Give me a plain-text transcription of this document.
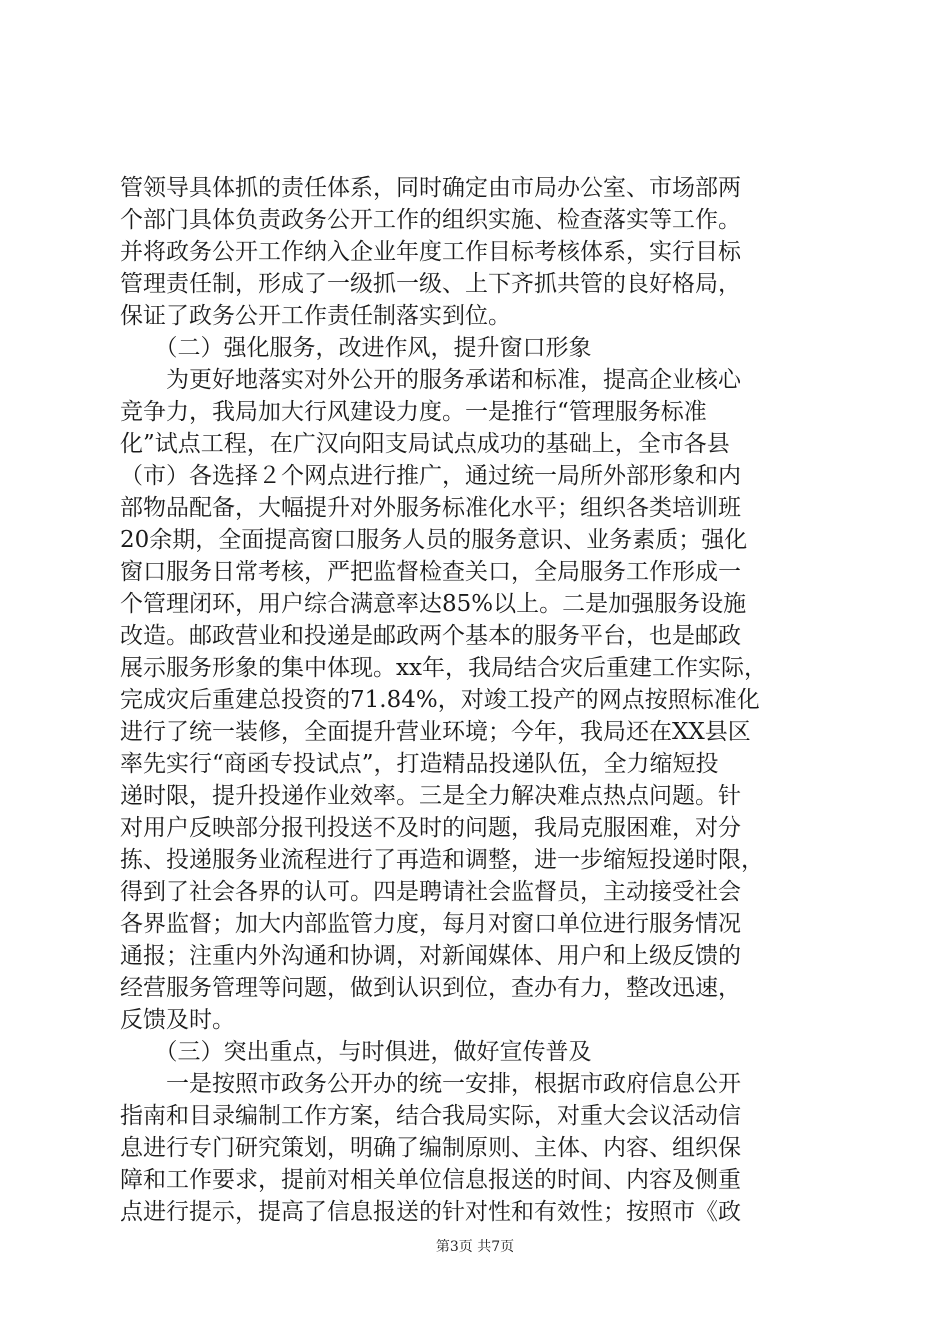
管领导具体抓的责任体系，同时确定由市局办公室、市场部两
个部门具体负责政务公开工作的组织实施、检查落实等工作。
并将政务公开工作纳入企业年度工作目标考核体系，实行目标
管理责任制，形成了一级抓一级、上下齐抓共管的良好格局，
保证了政务公开工作责任制落实到位。
　　（二）强化服务，改进作风，提升窗口形象
　　为更好地落实对外公开的服务承诺和标准，提高企业核心
竞争力，我局加大行风建设力度。一是推行“管理服务标准
化”试点工程，在广汉向阳支局试点成功的基础上，全市各县
（市）各选择２个网点进行推广，通过统一局所外部形象和内
部物品配备，大幅提升对外服务标准化水平；组织各类培训班
20余期，全面提高窗口服务人员的服务意识、业务素质；强化
窗口服务日常考核，严把监督检查关口，全局服务工作形成一
个管理闭环，用户综合满意率达85%以上。二是加强服务设施
改造。邮政营业和投递是邮政两个基本的服务平台，也是邮政
展示服务形象的集中体现。xx年，我局结合灾后重建工作实际，
完成灾后重建总投资的71.84%，对竣工投产的网点按照标准化
进行了统一装修，全面提升营业环境；今年，我局还在XX县区
率先实行“商函专投试点”，打造精品投递队伍，全力缩短投
递时限，提升投递作业效率。三是全力解决难点热点问题。针
对用户反映部分报刊投送不及时的问题，我局克服困难，对分
拣、投递服务业流程进行了再造和调整，进一步缩短投递时限，
得到了社会各界的认可。四是聘请社会监督员，主动接受社会
各界监督；加大内部监管力度，每月对窗口单位进行服务情况
通报；注重内外沟通和协调，对新闻媒体、用户和上级反馈的
经营服务管理等问题，做到认识到位，查办有力，整改迅速，
反馈及时。
　　（三）突出重点，与时俱进，做好宣传普及
　　一是按照市政务公开办的统一安排，根据市政府信息公开
指南和目录编制工作方案，结合我局实际，对重大会议活动信
息进行专门研究策划，明确了编制原则、主体、内容、组织保
障和工作要求，提前对相关单位信息报送的时间、内容及侧重
点进行提示，提高了信息报送的针对性和有效性；按照市《政
第3页 共7页
